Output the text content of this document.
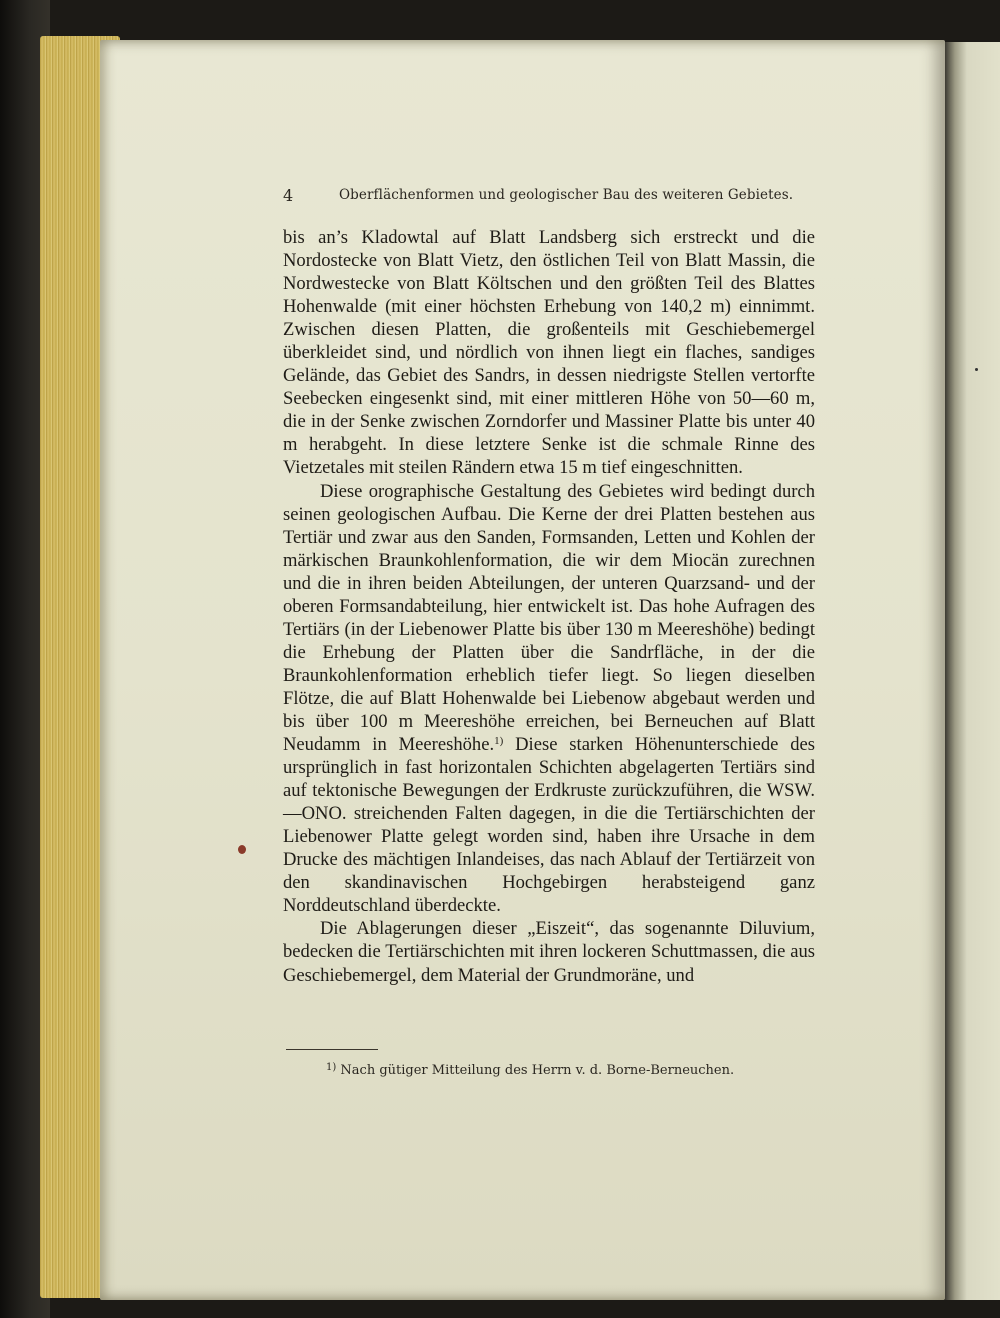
4	Oberflächenformen und geologischer Bau des weiteren Gebietes.

bis an’s Kladowtal auf Blatt Landsberg sich erstreckt und die Nordostecke von Blatt Vietz, den östlichen Teil von Blatt Massin, die Nordwestecke von Blatt Költschen und den größten Teil des Blattes Hohenwalde (mit einer höchsten Erhebung von 140,2 m) einnimmt. Zwischen diesen Platten, die großenteils mit Geschiebemergel überkleidet sind, und nördlich von ihnen liegt ein flaches, sandiges Gelände, das Gebiet des Sandrs, in dessen niedrigste Stellen vertorfte Seebecken eingesenkt sind, mit einer mittleren Höhe von 50—60 m, die in der Senke zwischen Zorndorfer und Massiner Platte bis unter 40 m herabgeht. In diese letztere Senke ist die schmale Rinne des Vietzetales mit steilen Rändern etwa 15 m tief eingeschnitten.

Diese orographische Gestaltung des Gebietes wird bedingt durch seinen geologischen Aufbau. Die Kerne der drei Platten bestehen aus Tertiär und zwar aus den Sanden, Formsanden, Letten und Kohlen der märkischen Braunkohlenformation, die wir dem Miocän zurechnen und die in ihren beiden Abteilungen, der unteren Quarzsand- und der oberen Formsandabteilung, hier entwickelt ist. Das hohe Aufragen des Tertiärs (in der Liebenower Platte bis über 130 m Meereshöhe) bedingt die Erhebung der Platten über die Sandrfläche, in der die Braunkohlenformation erheblich tiefer liegt. So liegen dieselben Flötze, die auf Blatt Hohenwalde bei Liebenow abgebaut werden und bis über 100 m Meereshöhe erreichen, bei Berneuchen auf Blatt Neudamm in Meereshöhe.$^{1)}$ Diese starken Höhenunterschiede des ursprünglich in fast horizontalen Schichten abgelagerten Tertiärs sind auf tektonische Bewegungen der Erdkruste zurückzuführen, die WSW.—ONO. streichenden Falten dagegen, in die die Tertiärschichten der Liebenower Platte gelegt worden sind, haben ihre Ursache in dem Drucke des mächtigen Inlandeises, das nach Ablauf der Tertiärzeit von den skandinavischen Hochgebirgen herabsteigend ganz Norddeutschland überdeckte.

Die Ablagerungen dieser „Eiszeit“, das sogenannte Diluvium, bedecken die Tertiärschichten mit ihren lockeren Schuttmassen, die aus Geschiebemergel, dem Material der Grundmoräne, und

$^{1)}$ Nach gütiger Mitteilung des Herrn v. d. Borne-Berneuchen.
